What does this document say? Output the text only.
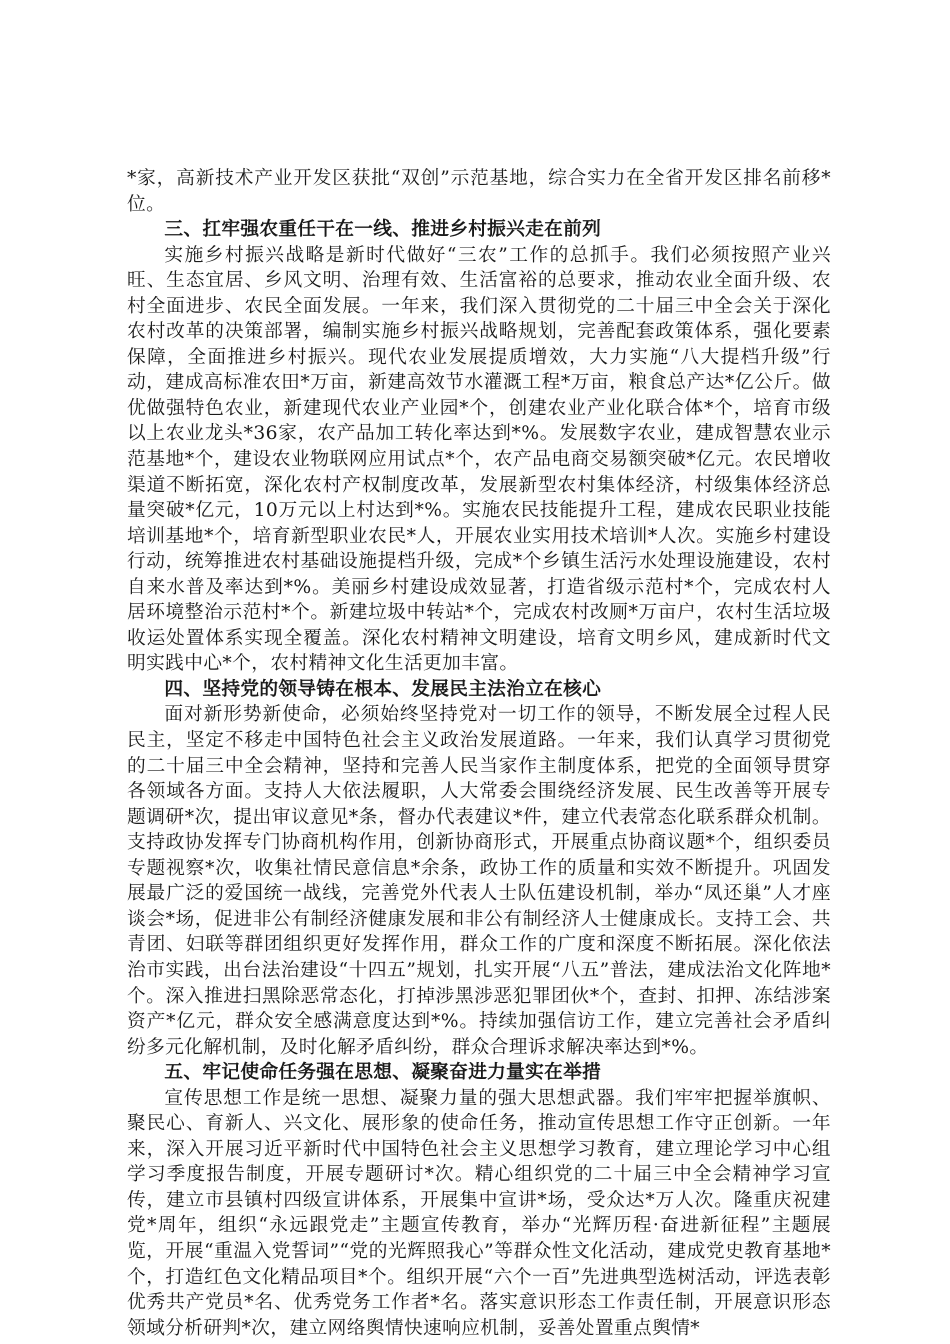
*家，高新技术产业开发区获批“双创”示范基地，综合实力在全省开发区排名前移*位。

三、扛牢强农重任干在一线、推进乡村振兴走在前列

实施乡村振兴战略是新时代做好“三农”工作的总抓手。我们必须按照产业兴旺、生态宜居、乡风文明、治理有效、生活富裕的总要求，推动农业全面升级、农村全面进步、农民全面发展。一年来，我们深入贯彻党的二十届三中全会关于深化农村改革的决策部署，编制实施乡村振兴战略规划，完善配套政策体系，强化要素保障，全面推进乡村振兴。现代农业发展提质增效，大力实施“八大提档升级”行动，建成高标准农田*万亩，新建高效节水灌溉工程*万亩，粮食总产达*亿公斤。做优做强特色农业，新建现代农业产业园*个，创建农业产业化联合体*个，培育市级以上农业龙头*36家，农产品加工转化率达到*%。发展数字农业，建成智慧农业示范基地*个，建设农业物联网应用试点*个，农产品电商交易额突破*亿元。农民增收渠道不断拓宽，深化农村产权制度改革，发展新型农村集体经济，村级集体经济总量突破*亿元，10万元以上村达到*%。实施农民技能提升工程，建成农民职业技能培训基地*个，培育新型职业农民*人，开展农业实用技术培训*人次。实施乡村建设行动，统筹推进农村基础设施提档升级，完成*个乡镇生活污水处理设施建设，农村自来水普及率达到*%。美丽乡村建设成效显著，打造省级示范村*个，完成农村人居环境整治示范村*个。新建垃圾中转站*个，完成农村改厕*万亩户，农村生活垃圾收运处置体系实现全覆盖。深化农村精神文明建设，培育文明乡风，建成新时代文明实践中心*个，农村精神文化生活更加丰富。

四、坚持党的领导铸在根本、发展民主法治立在核心

面对新形势新使命，必须始终坚持党对一切工作的领导，不断发展全过程人民民主，坚定不移走中国特色社会主义政治发展道路。一年来，我们认真学习贯彻党的二十届三中全会精神，坚持和完善人民当家作主制度体系，把党的全面领导贯穿各领域各方面。支持人大依法履职，人大常委会围绕经济发展、民生改善等开展专题调研*次，提出审议意见*条，督办代表建议*件，建立代表常态化联系群众机制。支持政协发挥专门协商机构作用，创新协商形式，开展重点协商议题*个，组织委员专题视察*次，收集社情民意信息*余条，政协工作的质量和实效不断提升。巩固发展最广泛的爱国统一战线，完善党外代表人士队伍建设机制，举办“凤还巢”人才座谈会*场，促进非公有制经济健康发展和非公有制经济人士健康成长。支持工会、共青团、妇联等群团组织更好发挥作用，群众工作的广度和深度不断拓展。深化依法治市实践，出台法治建设“十四五”规划，扎实开展“八五”普法，建成法治文化阵地*个。深入推进扫黑除恶常态化，打掉涉黑涉恶犯罪团伙*个，查封、扣押、冻结涉案资产*亿元，群众安全感满意度达到*%。持续加强信访工作，建立完善社会矛盾纠纷多元化解机制，及时化解矛盾纠纷，群众合理诉求解决率达到*%。

五、牢记使命任务强在思想、凝聚奋进力量实在举措

宣传思想工作是统一思想、凝聚力量的强大思想武器。我们牢牢把握举旗帜、聚民心、育新人、兴文化、展形象的使命任务，推动宣传思想工作守正创新。一年来，深入开展习近平新时代中国特色社会主义思想学习教育，建立理论学习中心组学习季度报告制度，开展专题研讨*次。精心组织党的二十届三中全会精神学习宣传，建立市县镇村四级宣讲体系，开展集中宣讲*场，受众达*万人次。隆重庆祝建党*周年，组织“永远跟党走”主题宣传教育，举办“光辉历程·奋进新征程”主题展览，开展“重温入党誓词”“党的光辉照我心”等群众性文化活动，建成党史教育基地*个，打造红色文化精品项目*个。组织开展“六个一百”先进典型选树活动，评选表彰优秀共产党员*名、优秀党务工作者*名。落实意识形态工作责任制，开展意识形态领域分析研判*次，建立网络舆情快速响应机制，妥善处置重点舆情*
